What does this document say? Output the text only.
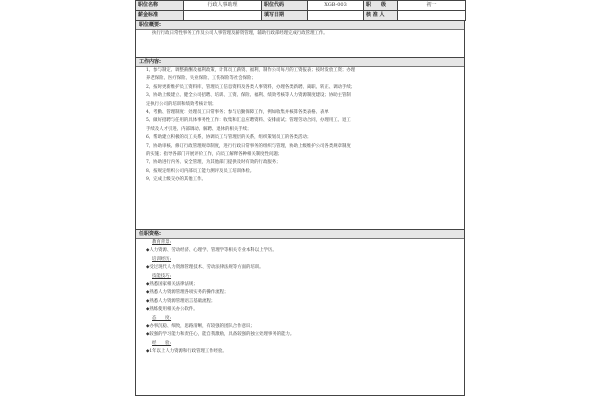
职位名称	行政人事助理	职位代码	XGB-003	职　　级	初一
薪金标准		填写日期		核 准 人	
职位概要:

执行行政日常性事务工作及公司人事管理及薪资管理，辅助行政部经理完成行政管理工作。

工作内容:

1、参与制定、调整薪酬及福利政策，计算员工薪资、福利，制作公司每月的工资报表；按时发放工资；办理

养老保险、医疗保险、失业保险、工伤保险等社会保险；

2、按时更新维护员工资料库，管理员工信息资料及各类人事资料，办理各类新聘、离职、转正、调动手续；

3、协助上级建立、健全公司招聘、培训、工资、保险、福利、绩效考核等人力资源制度建设；协助主管制

定执行公司的培训和绩效考核计划；

4、考勤、管理制度：处理员工日常事务；参与后勤保障工作，例如收集并核算各类表格、表单

5、做好招聘与任用的具体事务性工作：收集和汇总应聘资料、安排面试；管理劳动合同，办理用工、退工

手续及人才引进、内部调动、解聘、退休的相关手续；

6、帮助建立积极的员工关系，协调员工与管理层的关系，组织策划员工的各类活动；

7、协助审核、修订行政管理规章制度，进行行政日常事务的组织与管理，协助上级维护公司各类规章制度

的实施；指导各部门开展评价工作，向员工解释各种相关制度性问题；

7、协助进行内务、安全管理，为其他部门提供及时有效的行政服务；

8、按规定组织公司内部员工能力测评及员工培训体检。

9、完成上级交办的其他工作。

任职资格:

教育背景:

◆人力资源、劳动经济、心理学、管理学等相关专业本科以上学历。

培训经历:

◆受过现代人力资源管理技术、劳动法律法规等方面的培训。

技能技巧:

◆熟悉国家相关法律法规；

◆熟悉人力资源管理各项实务的操作流程；

◆熟悉人力资源管理语言基础流程；

◆熟练使用相关办公软件。

态　　度:

◆办事沉稳、细致，思路清晰，有较强的团队合作意识；

◆较强的学习能力和责任心，能自我激励，具备较强的独立处理事务的能力。

经　　验:

◆1年以上人力资源和行政管理工作经验。
